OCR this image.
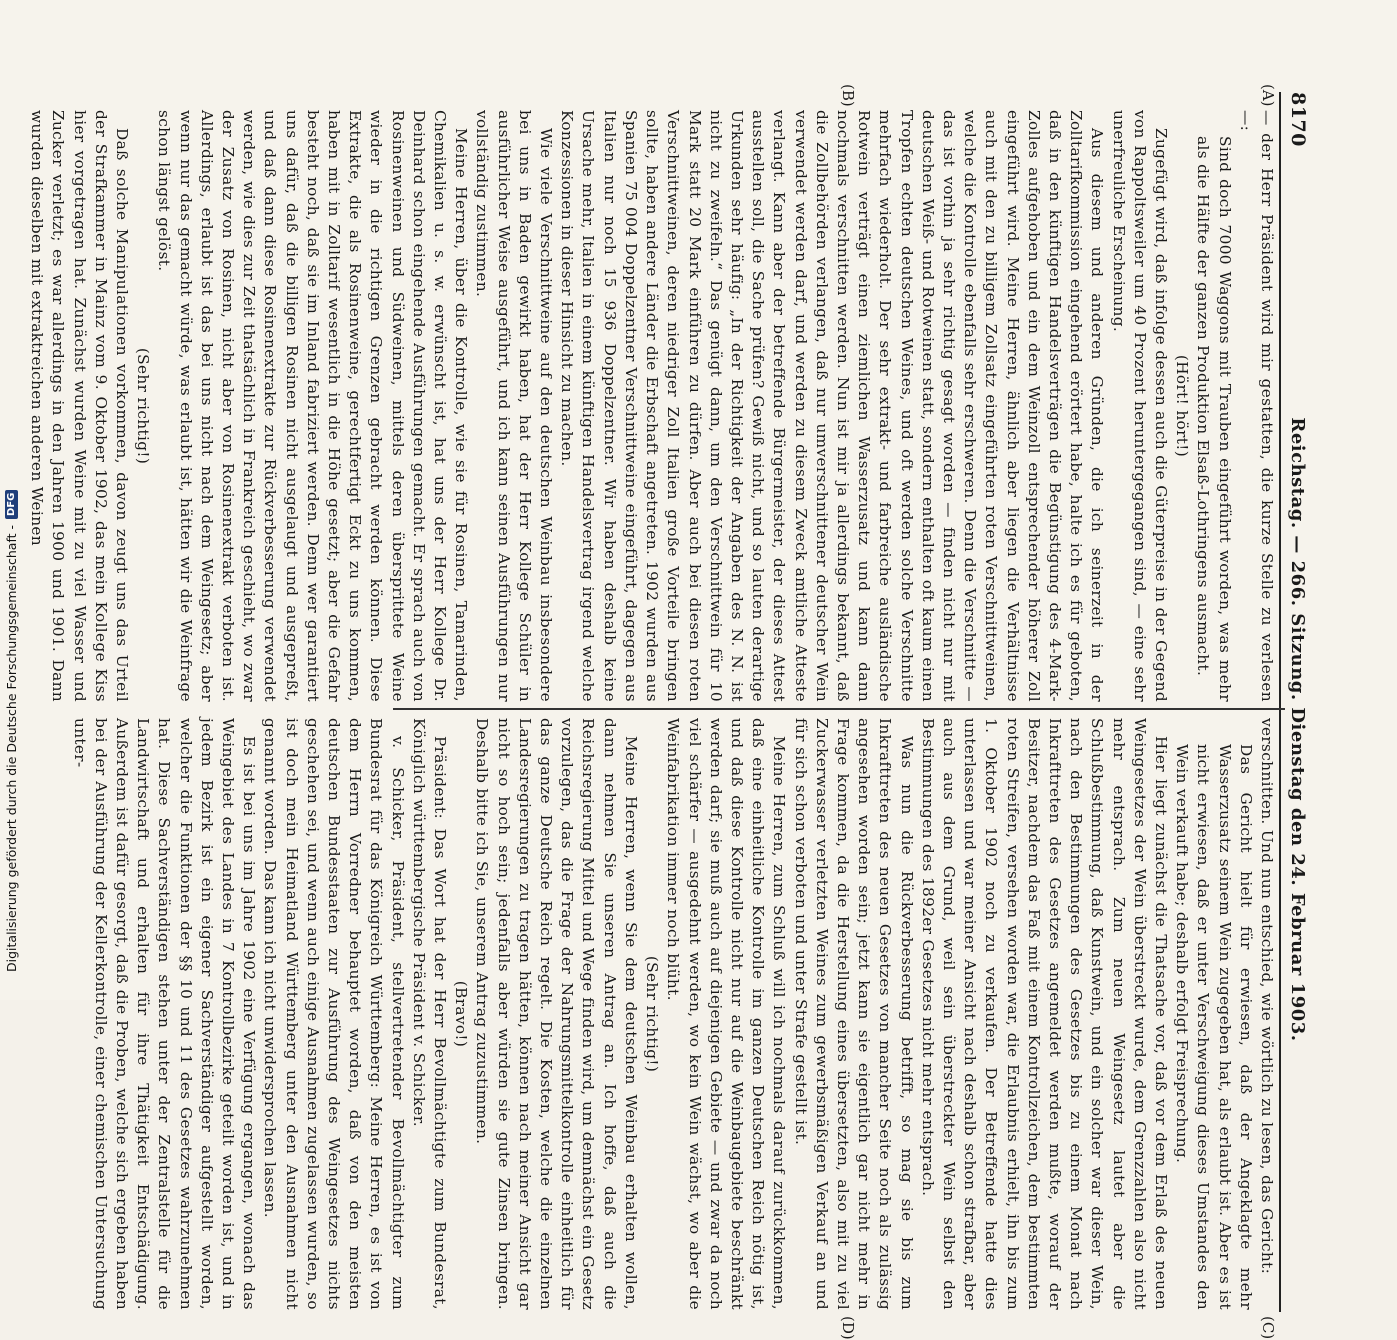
8170
Reichstag. — 266. Sitzung. Dienstag den 24. Februar 1903.
(A)
(B)
(C)
(D)

— der Herr Präsident wird mir gestatten, die kurze Stelle zu verlesen —:

Sind doch 7000 Waggons mit Trauben eingeführt worden, was mehr als die Hälfte der ganzen Produktion Elsaß-Lothringens ausmacht.

(Hört! hört!)

Zugefügt wird, daß infolge dessen auch die Güterpreise in der Gegend von Rappoltsweiler um 40 Prozent heruntergegangen sind, — eine sehr unerfreuliche Erscheinung.

Aus diesem und anderen Gründen, die ich seinerzeit in der Zolltarifkommission eingehend erörtert habe, halte ich es für geboten, daß in den künftigen Handelsverträgen die Begünstigung des 4-Mark-Zolles aufgehoben und ein dem Weinzoll entsprechender höherer Zoll eingeführt wird. Meine Herren, ähnlich aber liegen die Verhältnisse auch mit den zu billigem Zollsatz eingeführten roten Verschnittweinen, welche die Kontrolle ebenfalls sehr erschweren. Denn die Verschnitte — das ist vorhin ja sehr richtig gesagt worden — finden nicht nur mit deutschen Weiß- und Rotweinen statt, sondern enthalten oft kaum einen Tropfen echten deutschen Weines, und oft werden solche Verschnitte mehrfach wiederholt. Der sehr extrakt- und farbreiche ausländische Rotwein verträgt einen ziemlichen Wasserzusatz und kann dann nochmals verschnitten werden. Nun ist mir ja allerdings bekannt, daß die Zollbehörden verlangen, daß nur umverschnittener deutscher Wein verwendet werden darf, und werden zu diesem Zweck amtliche Atteste verlangt. Kann aber der betreffende Bürgermeister, der dieses Attest ausstellen soll, die Sache prüfen? Gewiß nicht, und so lauten derartige Urkunden sehr häufig: „In der Richtigkeit der Angaben des N. N. ist nicht zu zweifeln.“ Das genügt dann, um den Verschnittwein für 10 Mark statt 20 Mark einführen zu dürfen. Aber auch bei diesen roten Verschnittweinen, deren niedriger Zoll Italien große Vorteile bringen sollte, haben andere Länder die Erbschaft angetreten. 1902 wurden aus Spanien 75 004 Doppelzentner Verschnittweine eingeführt, dagegen aus Italien nur noch 15 936 Doppelzentner. Wir haben deshalb keine Ursache mehr, Italien in einem künftigen Handelsvertrag irgend welche Konzessionen in dieser Hinsicht zu machen.

Wie viele Verschnittweine auf den deutschen Weinbau insbesondere bei uns in Baden gewirkt haben, hat der Herr Kollege Schüler in ausführlicher Weise ausgeführt, und ich kann seinen Ausführungen nur vollständig zustimmen.

Meine Herren, über die Kontrolle, wie sie für Rosinen, Tamarinden, Chemikalien u. s. w. erwünscht ist, hat uns der Herr Kollege Dr. Deinhard schon eingehende Ausführungen gemacht. Er sprach auch von Rosinenweinen und Südweinen, mittels deren übersprittete Weine wieder in die richtigen Grenzen gebracht werden können. Diese Extrakte, die als Rosinenweine, gerechtfertigt Eckt zu uns kommen, haben mit in Zolltarif wesentlich in die Höhe gesetzt; aber die Gefahr besteht noch, daß sie im Inland fabriziert werden. Denn wer garantiert uns dafür, daß die billigen Rosinen nicht ausgelaugt und ausgepreßt, und daß dann diese Rosinenextrakte zur Rückverbesserung verwendet werden, wie dies zur Zeit thatsächlich in Frankreich geschieht, wo zwar der Zusatz von Rosinen, nicht aber von Rosinenextrakt verboten ist. Allerdings, erlaubt ist das bei uns nicht nach dem Weingesetz; aber wenn nur das gemacht würde, was erlaubt ist, hätten wir die Weinfrage schon längst gelöst.

(Sehr richtig!)

Daß solche Manipulationen vorkommen, davon zeugt uns das Urteil der Strafkammer in Mainz vom 9. Oktober 1902, das mein Kollege Kiss hier vorgetragen hat. Zunächst wurden Weine mit zu viel Wasser und Zucker verletzt; es war allerdings in den Jahren 1900 und 1901. Dann wurden dieselben mit extraktreichen anderen Weinen

verschnitten. Und nun entschied, wie wörtlich zu lesen, das Gericht:

Das Gericht hielt für erwiesen, daß der Angeklagte mehr Wasserzusatz seinem Wein zugegeben hat, als erlaubt ist. Aber es ist nicht erwiesen, daß er unter Verschweigung dieses Umstandes den Wein verkauft habe; deshalb erfolgt Freisprechung.

Hier liegt zunächst die Thatsache vor, daß vor dem Erlaß des neuen Weingesetzes der Wein überstreckt wurde, dem Grenzzahlen also nicht mehr entsprach. Zum neuen Weingesetz lautet aber die Schlußbestimmung, daß Kunstwein, und ein solcher war dieser Wein, nach den Bestimmungen des Gesetzes bis zu einem Monat nach Inkrafttreten des Gesetzes angemeldet werden mußte, worauf der Besitzer, nachdem das Faß mit einem Kontrollzeichen, dem bestimmten roten Streifen, versehen worden war, die Erlaubnis erhielt, ihn bis zum 1. Oktober 1902 noch zu verkaufen. Der Betreffende hatte dies unterlassen und war meiner Ansicht nach deshalb schon strafbar, aber auch aus dem Grund, weil sein überstreckter Wein selbst den Bestimmungen des 1892er Gesetzes nicht mehr entsprach.

Was nun die Rückverbesserung betrifft, so mag sie bis zum Inkrafttreten des neuen Gesetzes von mancher Seite noch als zulässig angesehen worden sein; jetzt kann sie eigentlich gar nicht mehr in Frage kommen, da die Herstellung eines übersetzten, also mit zu viel Zuckerwasser verletzten Weines zum gewerbsmäßigen Verkauf an und für sich schon verboten und unter Strafe gestellt ist.

Meine Herren, zum Schluß will ich nochmals darauf zurückkommen, daß eine einheitliche Kontrolle im ganzen Deutschen Reich nötig ist, und daß diese Kontrolle nicht nur auf die Weinbaugebiete beschränkt werden darf; sie muß auch auf diejenigen Gebiete — und zwar da noch viel schärfer — ausgedehnt werden, wo kein Wein wächst, wo aber die Weinfabrikation immer noch blüht.

(Sehr richtig!)

Meine Herren, wenn Sie dem deutschen Weinbau erhalten wollen, dann nehmen Sie unseren Antrag an. Ich hoffe, daß auch die Reichsregierung Mittel und Wege finden wird, um demnächst ein Gesetz vorzulegen, das die Frage der Nahrungsmittelkontrolle einheitlich für das ganze Deutsche Reich regelt. Die Kosten, welche die einzelnen Landesregierungen zu tragen hätten, können nach meiner Ansicht gar nicht so hoch sein; jedenfalls aber würden sie gute Zinsen bringen. Deshalb bitte ich Sie, unserem Antrag zuzustimmen.

(Bravo!)

Präsident: Das Wort hat der Herr Bevollmächtigte zum Bundesrat, Königlich württembergische Präsident v. Schicker.

v. Schicker, Präsident, stellvertretender Bevollmächtigter zum Bundesrat für das Königreich Württemberg: Meine Herren, es ist von dem Herrn Vorredner behauptet worden, daß von den meisten deutschen Bundesstaaten zur Ausführung des Weingesetzes nichts geschehen sei, und wenn auch einige Ausnahmen zugelassen wurden, so ist doch mein Heimatland Württemberg unter den Ausnahmen nicht genannt worden. Das kann ich nicht unwidersprochen lassen.

Es ist bei uns im Jahre 1902 eine Verfügung ergangen, wonach das Weingebiet des Landes in 7 Kontrollbezirke geteilt worden ist, und in jedem Bezirk ist ein eigener Sachverständiger aufgestellt worden, welcher die Funktionen der §§ 10 und 11 des Gesetzes wahrzunehmen hat. Diese Sachverständigen stehen unter der Zentralstelle für die Landwirtschaft und erhalten für ihre Thätigkeit Entschädigung. Außerdem ist dafür gesorgt, daß die Proben, welche sich ergeben haben bei der Ausführung der Kellerkontrolle, einer chemischen Untersuchung unter-

Digitalisierung gefördert durch die Deutsche Forschungsgemeinschaft -
DFG
